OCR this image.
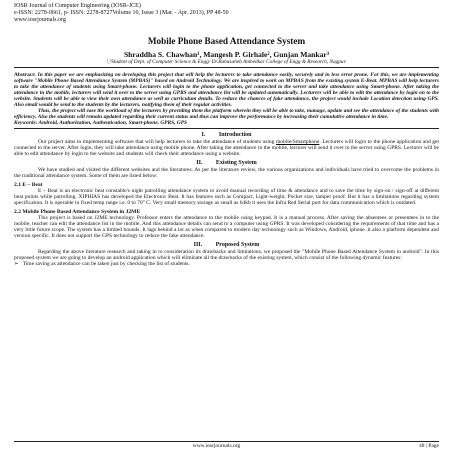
IOSR Journal of Computer Engineering (IOSR-JCE)
e-ISSN: 2278-0661, p- ISSN: 2278-8727Volume 10, Issue 3 (Mar. - Apr. 2013), PP 48-50
www.iosrjournals.org
Mobile Phone Based Attendance System
Shraddha S. Chawhan¹, Mangesh P. Girhale², Gunjan Mankar³
¹,²Student of Dept. of Computer Science & Engg/ Dr.Babasaheb Ambedkar College of Engg & Research, Nagpur.
Abstract: In this paper we are emphasizing on developing this project that will help the lecturers to take attendance easily, securely and in less error prone. For this, we are implementing software "Mobile Phone Based Attendance System (MPBAS)" based on Android Technology. We are inspired to work on MPBAS from the existing system E-Beat. MPBAS will help lecturers to take the attendance of students using Smart-phone. Lecturers will login to the phone application, get connected to the server and take attendance using Smart-phone. After taking the attendance in the mobile, lecturers will send it over to the server using GPRS and attendance list will be updated automatically. Lecturers will be able to edit the attendance by login on to the website. Students will be able to view their own attendance as well as curriculum details. To reduce the chances of fake attendance, the project would include Location detection using GPS. Also email would be send to the students by the lecturers, notifying them of their regular activities.
Thus, the project will ease the workload of the lecturers by providing them the platform wherein they will be able to take, manage, update and see the attendance of the students with efficiency. Also the students will remain updated regarding their current status and thus can improve the performance by increasing their cumulative attendance in time.
Keywords: Android, Authorization, Authentication, Smart-phone, GPRS, GPS
I.         Introduction
Our project aims in implementing software that will help lecturers to take the attendance of students using mobile/Smartphone. Lecturers will login to the phone application and get connected to the server. After login, they will take attendance using mobile phone. After taking the attendance in the mobile, lecturer will send it over to the server using GPRS. Lecturer will be able to edit attendance by login to the website and students will check their attendance using a website.
II.         Existing System
We have studied and visited the different websites and the literatures. As per the literature review, the various organizations and individuals have tried to overcome the problems in the traditional attendance system. Some of them are listed below:
2.1 E – Beat
E – Beat is an electronic beat constable's night patrolling attendance system to avoid manual recording of time & attendance and to save the time by sign-on / sign-off at different beat points while patrolling. XIPHIAS has developed the Electronic Beat. It has features such as Compact, Light-weight, Pocket size, tamper proof. But it has a limitations regarding system specification. It is operable in fixed temp range i.e. 0 to 70° C. Very small memory storage as small as 64kb it uses the Infra Red Serial port for data communication which is outdated.
2.2 Mobile Phone Based Attendance System in J2ME
This project is based on J2ME technology. Professor enters the attendance to the mobile using keypad. It is a manual process. After saving the absentees or presentees in to the mobile, teacher can edit the attendance list in the mobile. And this attendance details can send to a computer using GPRS. It was developed considering the requirements of that time and has a very little future scope. The system has a limited bounds. It lags behind a lot as when compared to modern day technology such as Windows, Android, iphone .it also a platform dependent and version specific. It does not support the GPS technology to reduce the fake attendance.
III.         Proposed System
Regarding the above literature research and taking in to consideration its drawbacks and limitations, we proposed the "Mobile Phone Based Attendance System in android". In this proposed system we are going to develop an android application which will eliminate all the drawbacks of the existing system, which consist of the following dynamic features:
➢ Time saving as attendance can be taken just by checking the list of students.
www.iosrjournals.org	48 | Page
